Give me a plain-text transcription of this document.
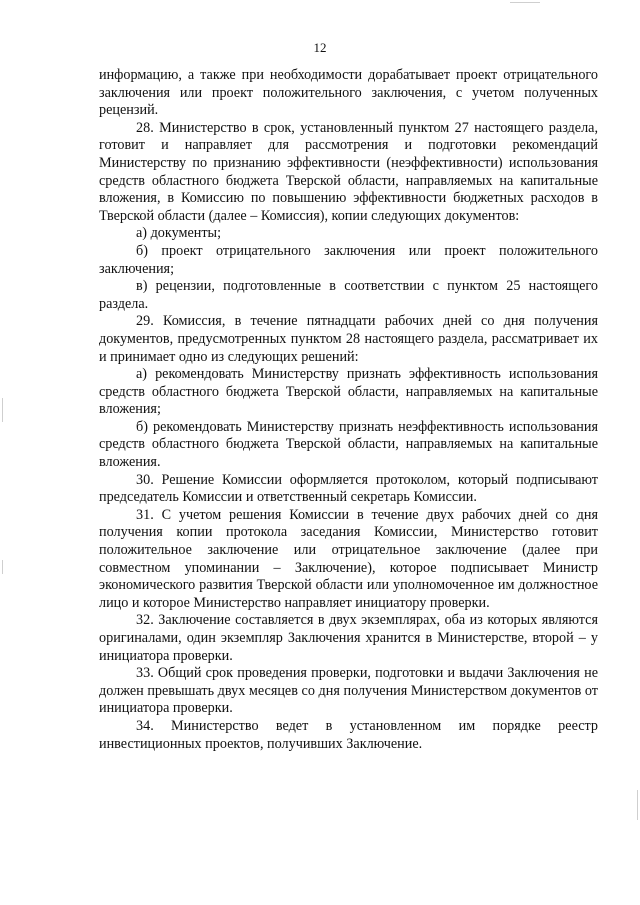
12

информацию, а также при необходимости дорабатывает проект отрицательного заключения или проект положительного заключения, с учетом полученных рецензий.

28. Министерство в срок, установленный пунктом 27 настоящего раздела, готовит и направляет для рассмотрения и подготовки рекомендаций Министерству по признанию эффективности (неэффективности) использования средств областного бюджета Тверской области, направляемых на капитальные вложения, в Комиссию по повышению эффективности бюджетных расходов в Тверской области (далее – Комиссия), копии следующих документов:

а) документы;

б) проект отрицательного заключения или проект положительного заключения;

в) рецензии, подготовленные в соответствии с пунктом 25 настоящего раздела.

29. Комиссия, в течение пятнадцати рабочих дней со дня получения документов, предусмотренных пунктом 28 настоящего раздела, рассматривает их и принимает одно из следующих решений:

а) рекомендовать Министерству признать эффективность использования средств областного бюджета Тверской области, направляемых на капитальные вложения;

б) рекомендовать Министерству признать неэффективность использования средств областного бюджета Тверской области, направляемых на капитальные вложения.

30. Решение Комиссии оформляется протоколом, который подписывают председатель Комиссии и ответственный секретарь Комиссии.

31. С учетом решения Комиссии в течение двух рабочих дней со дня получения копии протокола заседания Комиссии, Министерство готовит положительное заключение или отрицательное заключение (далее при совместном упоминании – Заключение), которое подписывает Министр экономического развития Тверской области или уполномоченное им должностное лицо и которое Министерство направляет инициатору проверки.

32. Заключение составляется в двух экземплярах, оба из которых являются оригиналами, один экземпляр Заключения хранится в Министерстве, второй – у инициатора проверки.

33. Общий срок проведения проверки, подготовки и выдачи Заключения не должен превышать двух месяцев со дня получения Министерством документов от инициатора проверки.

34. Министерство ведет в установленном им порядке реестр инвестиционных проектов, получивших Заключение.
